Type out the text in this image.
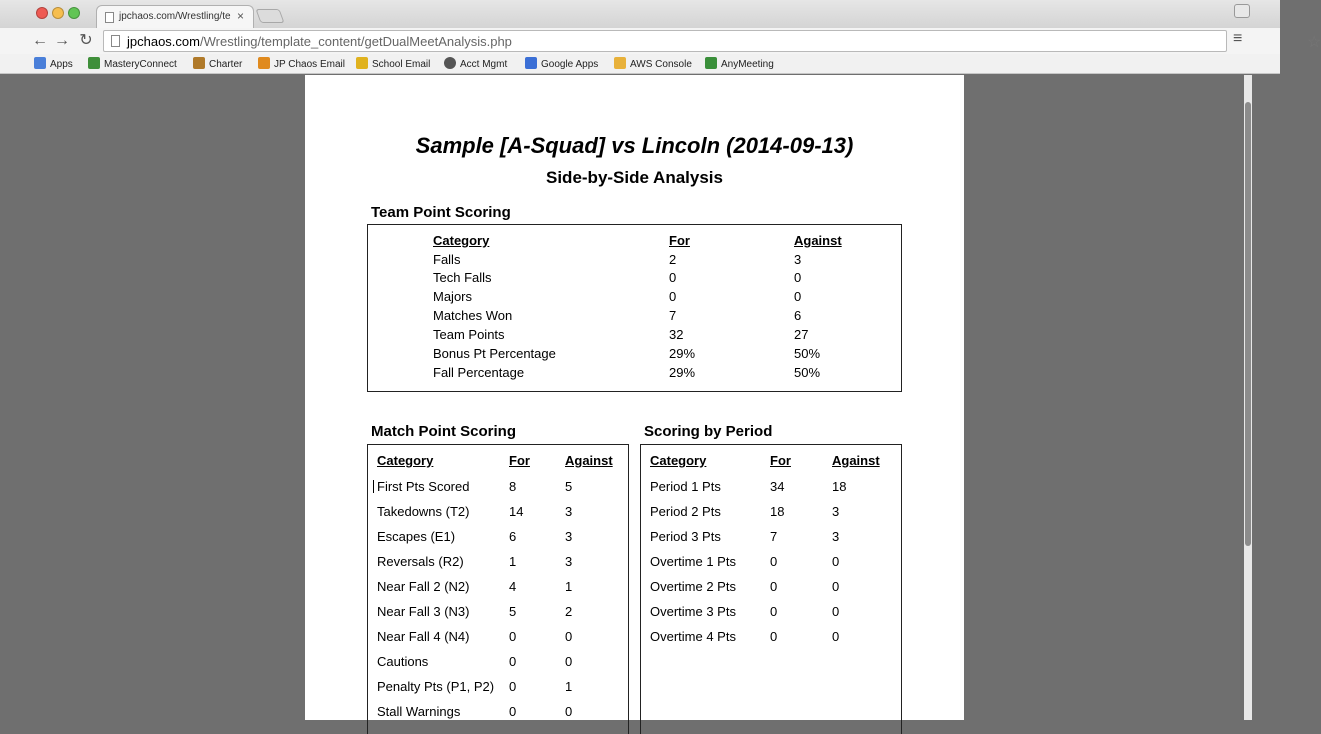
jpchaos.com/Wrestling/te ×
← → ↻	jpchaos.com/Wrestling/template_content/getDualMeetAnalysis.php	☆
≡
Apps	MasteryConnect	Charter	JP Chaos Email	School Email	Acct Mgmt	Google Apps	AWS Console	AnyMeeting
Sample [A-Squad] vs Lincoln (2014-09-13)
Side-by-Side Analysis
Team Point Scoring
Category	For	Against
Falls	2	3
Tech Falls	0	0
Majors	0	0
Matches Won	7	6
Team Points	32	27
Bonus Pt Percentage	29%	50%
Fall Percentage	29%	50%
Match Point Scoring
Category	For	Against
First Pts Scored	8	5
Takedowns (T2)	14	3
Escapes (E1)	6	3
Reversals (R2)	1	3
Near Fall 2 (N2)	4	1
Near Fall 3 (N3)	5	2
Near Fall 4 (N4)	0	0
Cautions	0	0
Penalty Pts (P1, P2) 0	1
Stall Warnings	0	0
Scoring by Period
Category	For	Against
Period 1 Pts	34	18
Period 2 Pts	18	3
Period 3 Pts	7	3
Overtime 1 Pts	0	0
Overtime 2 Pts	0	0
Overtime 3 Pts	0	0
Overtime 4 Pts	0	0
